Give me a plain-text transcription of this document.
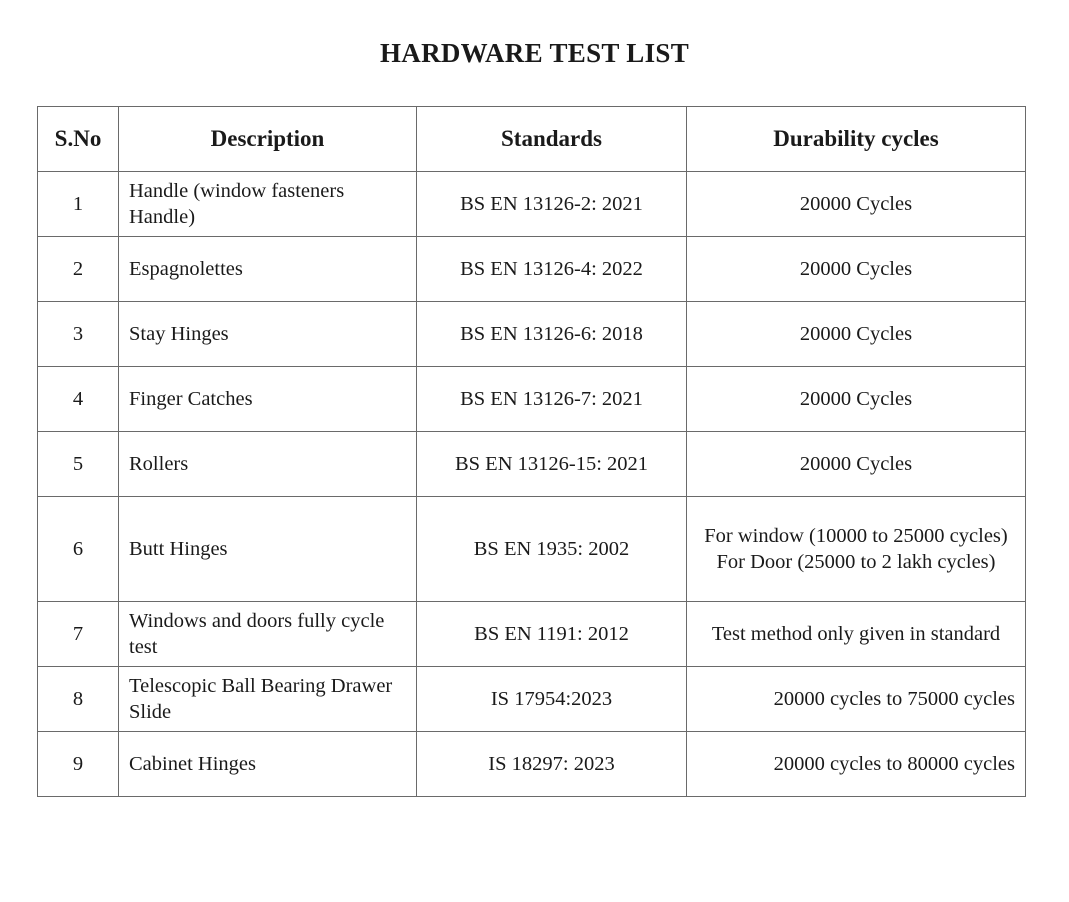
HARDWARE TEST LIST
S.No	Description	Standards	Durability cycles
1	Handle (window fasteners Handle)	BS EN 13126-2: 2021	20000 Cycles
2	Espagnolettes	BS EN 13126-4: 2022	20000 Cycles
3	Stay Hinges	BS EN 13126-6: 2018	20000 Cycles
4	Finger Catches	BS EN 13126-7: 2021	20000 Cycles
5	Rollers	BS EN 13126-15: 2021	20000 Cycles
6	Butt Hinges	BS EN 1935: 2002	For window (10000 to 25000 cycles)
For Door (25000 to 2 lakh cycles)

7	Windows and doors fully cycle test	BS EN 1191: 2012	Test method only given in standard
8	Telescopic Ball Bearing Drawer Slide	IS 17954:2023	20000 cycles to 75000 cycles
9	Cabinet Hinges	IS 18297: 2023	20000 cycles to 80000 cycles
